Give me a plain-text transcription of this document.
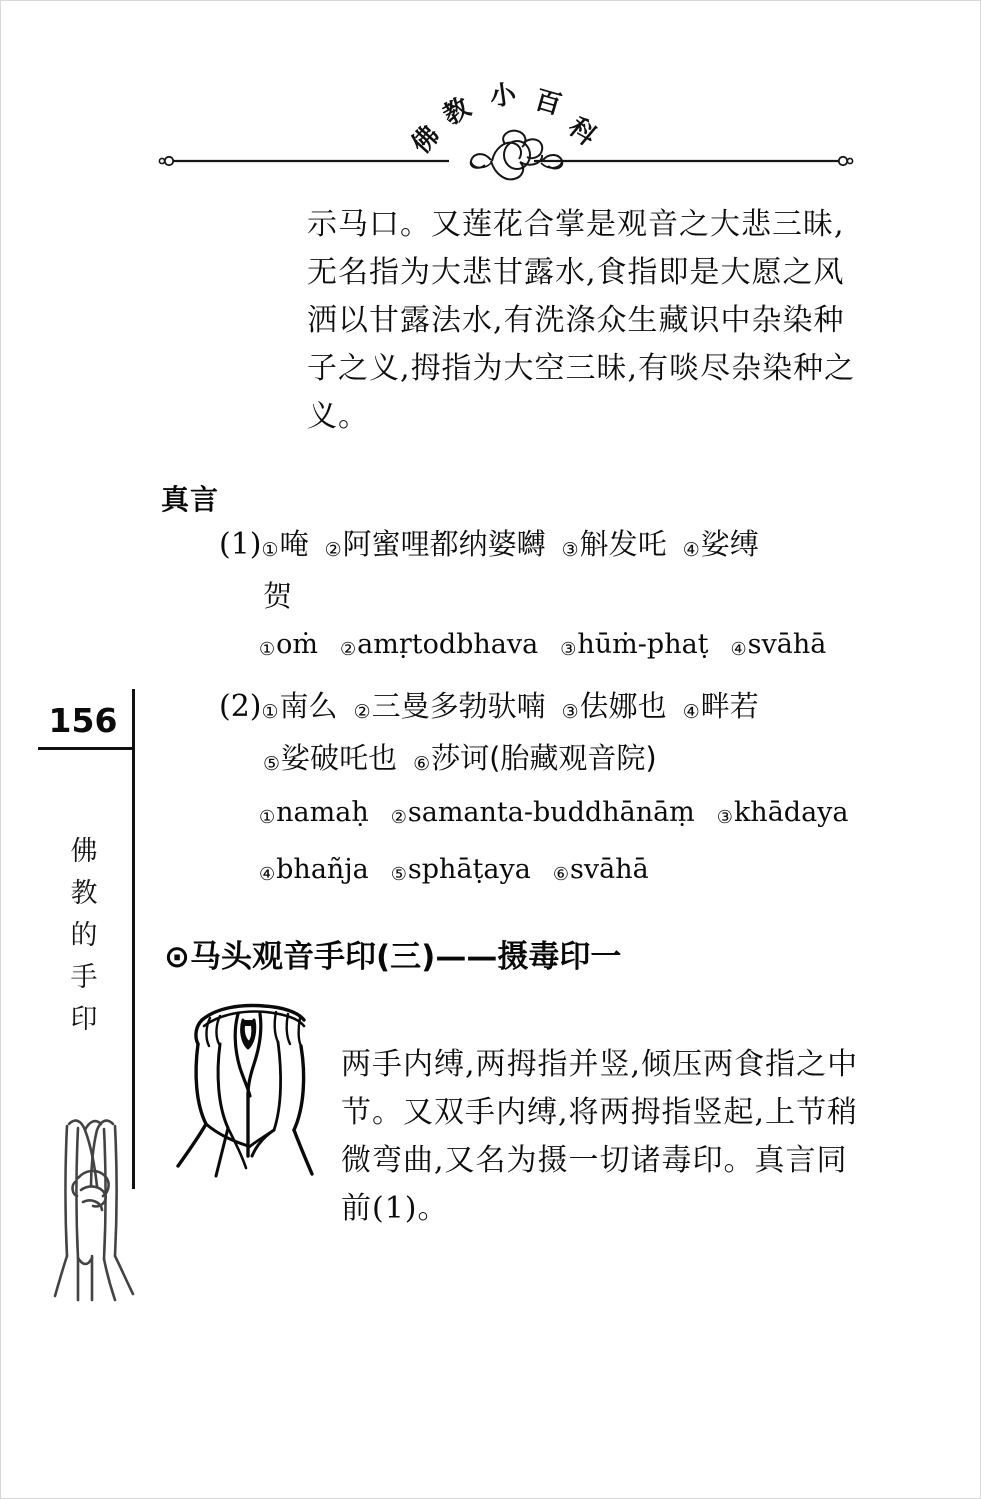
佛
教 小 百
科
156
佛
教
的
手
印

示马口。又莲花合掌是观音之大悲三昧,

无名指为大悲甘露水,食指即是大愿之风

洒以甘露法水,有洗涤众生藏识中杂染种

子之义,拇指为大空三昧,有啖尽杂染种之

义。

真言
(1)①唵 ②阿蜜哩都纳婆嚩 ③斛发吒 ④娑缚
贺
①oṁ ②amṛtodbhava ③hūṁ-phaṭ ④svāhā
(2)①南么 ②三曼多勃驮喃 ③佉娜也 ④畔若
⑤娑破吒也 ⑥莎诃(胎藏观音院)
①namaḥ ②samanta-buddhānāṃ ③khādaya
④bhañja ⑤sphāṭaya ⑥svāhā
⊙马头观音手印(三)——摄毒印一

两手内缚,两拇指并竖,倾压两食指之中

节。又双手内缚,将两拇指竖起,上节稍

微弯曲,又名为摄一切诸毒印。真言同

前(1)。
